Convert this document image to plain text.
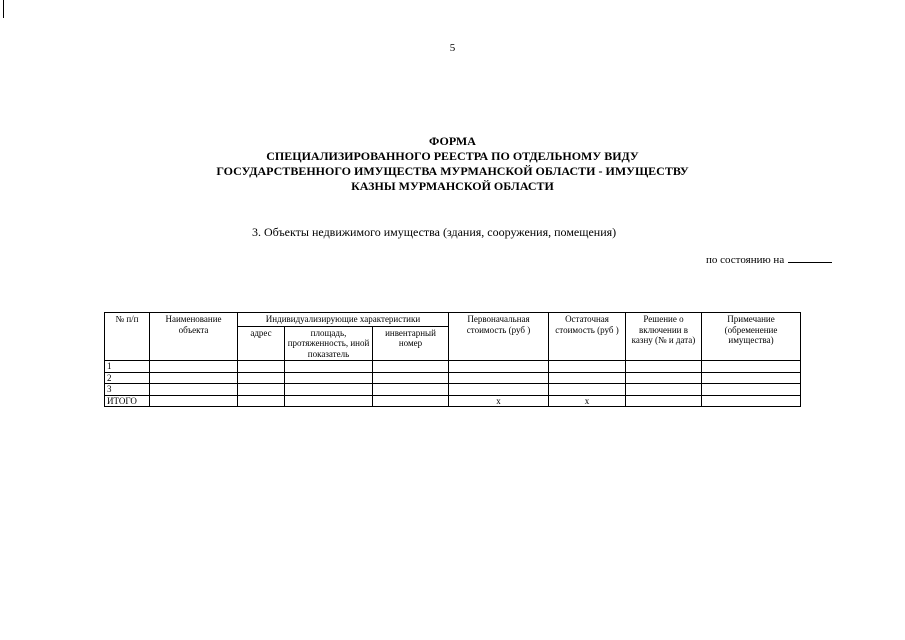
5
ФОРМА
СПЕЦИАЛИЗИРОВАННОГО РЕЕСТРА ПО ОТДЕЛЬНОМУ ВИДУ
ГОСУДАРСТВЕННОГО ИМУЩЕСТВА МУРМАНСКОЙ ОБЛАСТИ - ИМУЩЕСТВУ
КАЗНЫ МУРМАНСКОЙ ОБЛАСТИ
3. Объекты недвижимого имущества (здания, сооружения, помещения)
по состоянию на
№ п/п	Наименование объекта	Индивидуализирующие характеристики			Первоначальная стоимость (руб )	Остаточная стоимость (руб )	Решение о включении в казну (№ и дата)	Примечание (обременение имущества)
		адрес	площадь, протяженность, иной показатель	инвентарный номер				
1								
2								
3								
ИТОГО					x	x		
